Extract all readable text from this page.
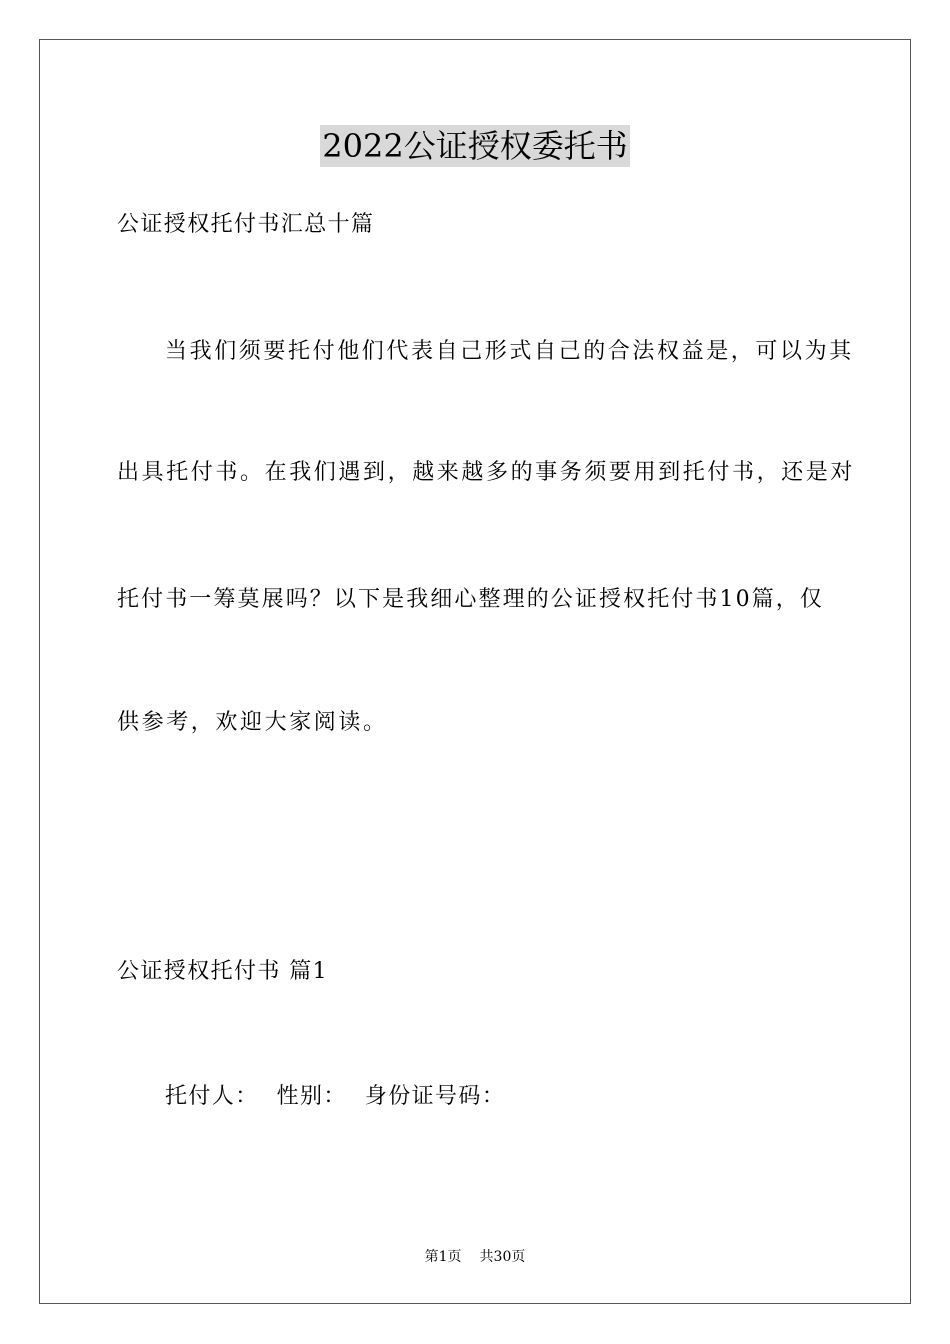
2022公证授权委托书
公证授权托付书汇总十篇
当我们须要托付他们代表自己形式自己的合法权益是，可以为其
出具托付书。在我们遇到，越来越多的事务须要用到托付书，还是对
托付书一筹莫展吗？以下是我细心整理的公证授权托付书10篇，仅
供参考，欢迎大家阅读。
公证授权托付书 篇1
托付人： 性别： 身份证号码：
第1页 共30页
